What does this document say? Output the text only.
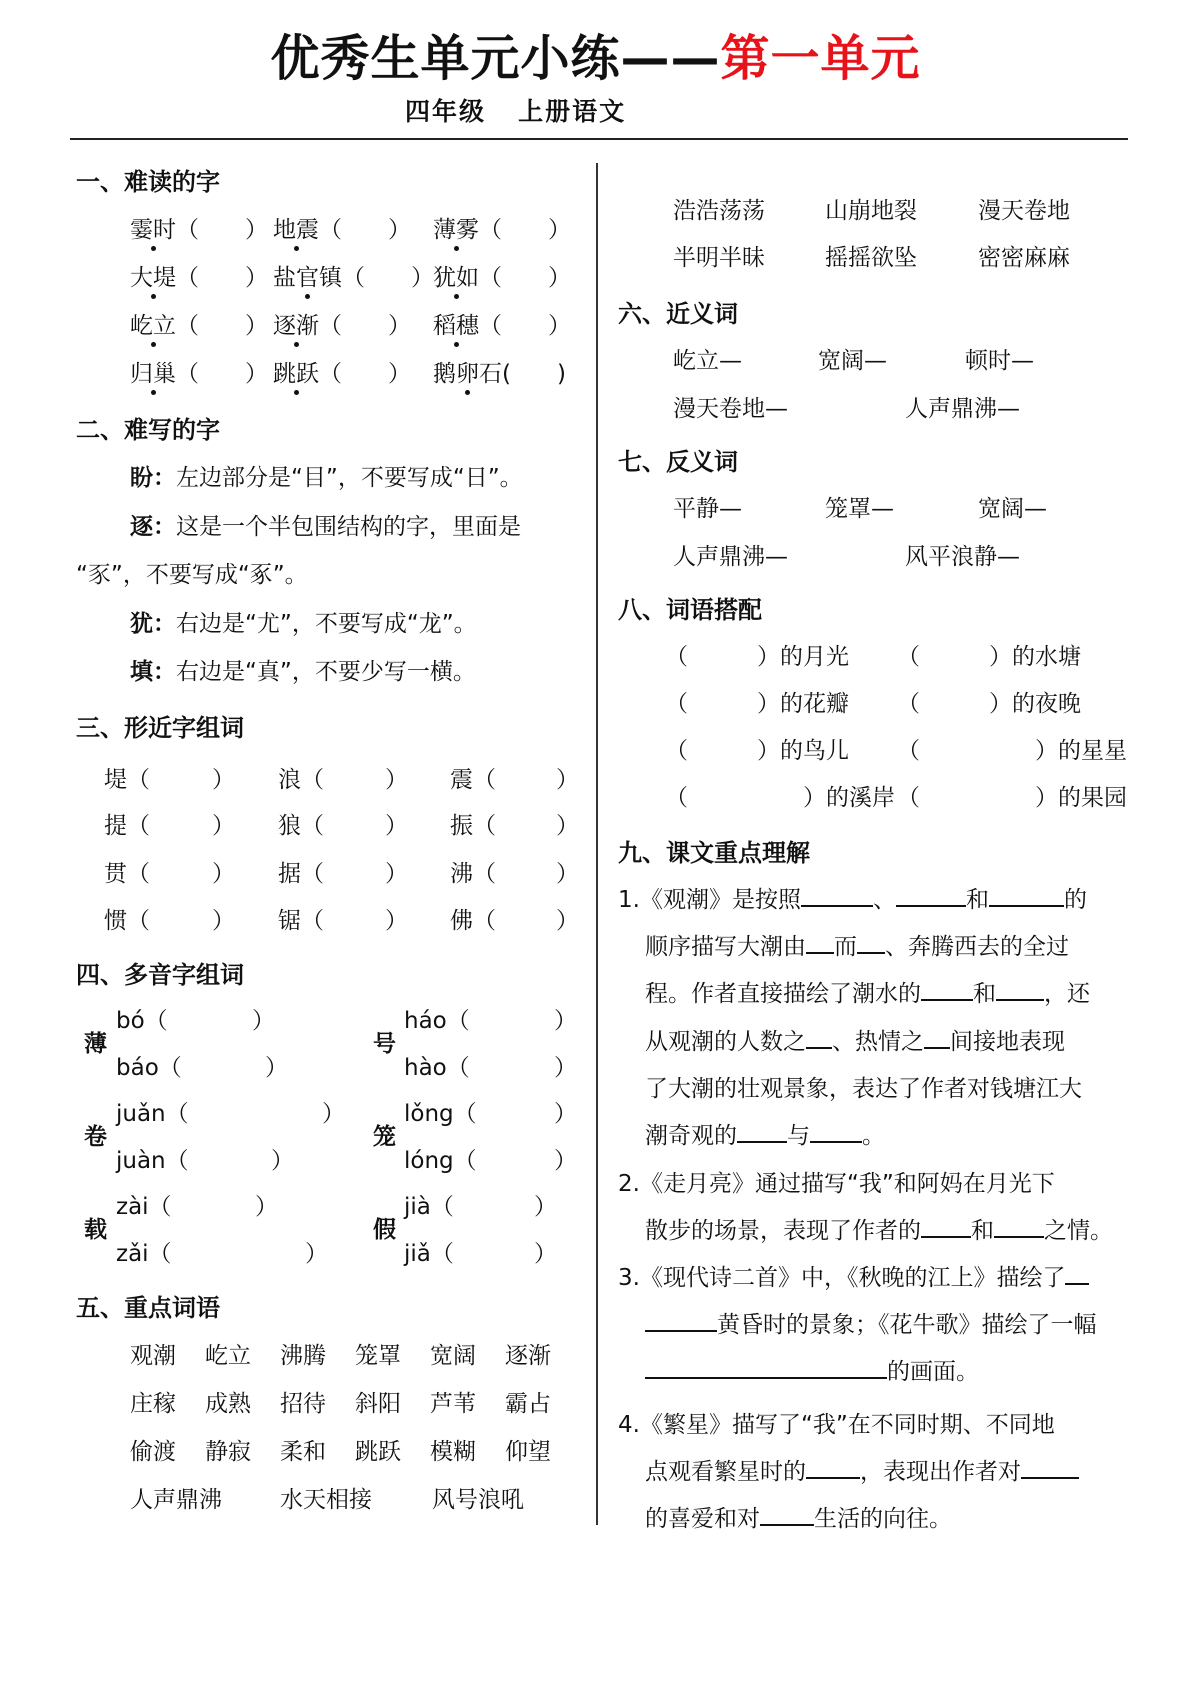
优秀生单元小练——第一单元
四年级   上册语文
一、难读的字
霎时（　　） 地震（　　） 薄雾（　　）
大堤（　　） 盐官镇（　　） 犹如（　　）
屹立（　　） 逐渐（　　） 稻穗（　　）
归巢（　　） 跳跃（　　） 鹅卵石(　　)
二、难写的字
盼：左边部分是“目”，不要写成“日”。
逐：这是一个半包围结构的字，里面是
“豕”，不要写成“豖”。
犹：右边是“尤”，不要写成“龙”。
填：右边是“真”，不要少写一横。
三、形近字组词
堤（	） 浪（	） 震（	）
提（	） 狼（	） 振（	）
贯（	） 据（	） 沸（	）
惯（	） 锯（	） 佛（	）
四、多音字组词
薄
bó（	）
báo（	）
号
háo（	）
hào（	）
卷
juǎn（	）
juàn（	）
笼
lǒng（	）
lóng（	）
载
zài（	）
zǎi（	）
假
jià（	）
jiǎ（	）
五、重点词语
观潮 屹立 沸腾 笼罩 宽阔 逐渐
庄稼 成熟 招待 斜阳 芦苇 霸占
偷渡 静寂 柔和 跳跃 模糊 仰望
人声鼎沸	水天相接	风号浪吼
浩浩荡荡	山崩地裂	漫天卷地
半明半昧	摇摇欲坠	密密麻麻
六、近义词
屹立—	宽阔—	顿时—
漫天卷地—	人声鼎沸—
七、反义词
平静—	笼罩—	宽阔—
人声鼎沸—	风平浪静—
八、词语搭配
（　　　）的月光 （　　　）的水塘
（　　　）的花瓣 （　　　）的夜晚
（　　　）的鸟儿 （　　　　　）的星星
（　　　　　）的溪岸 （　　　　　）的果园
九、课文重点理解
1.《观潮》是按照	、	和	的
顺序描写大潮由 而 、奔腾西去的全过
程。作者直接描绘了潮水的 和 ，还
从观潮的人数之 、热情之 间接地表现
了大潮的壮观景象，表达了作者对钱塘江大
潮奇观的 与 。
2.《走月亮》通过描写“我”和阿妈在月光下
散步的场景，表现了作者的 和 之情。
3.《现代诗二首》中，《秋晚的江上》描绘了
黄昏时的景象；《花牛歌》描绘了一幅
的画面。
4.《繁星》描写了“我”在不同时期、不同地
点观看繁星时的 ，表现出作者对
的喜爱和对 生活的向往。
